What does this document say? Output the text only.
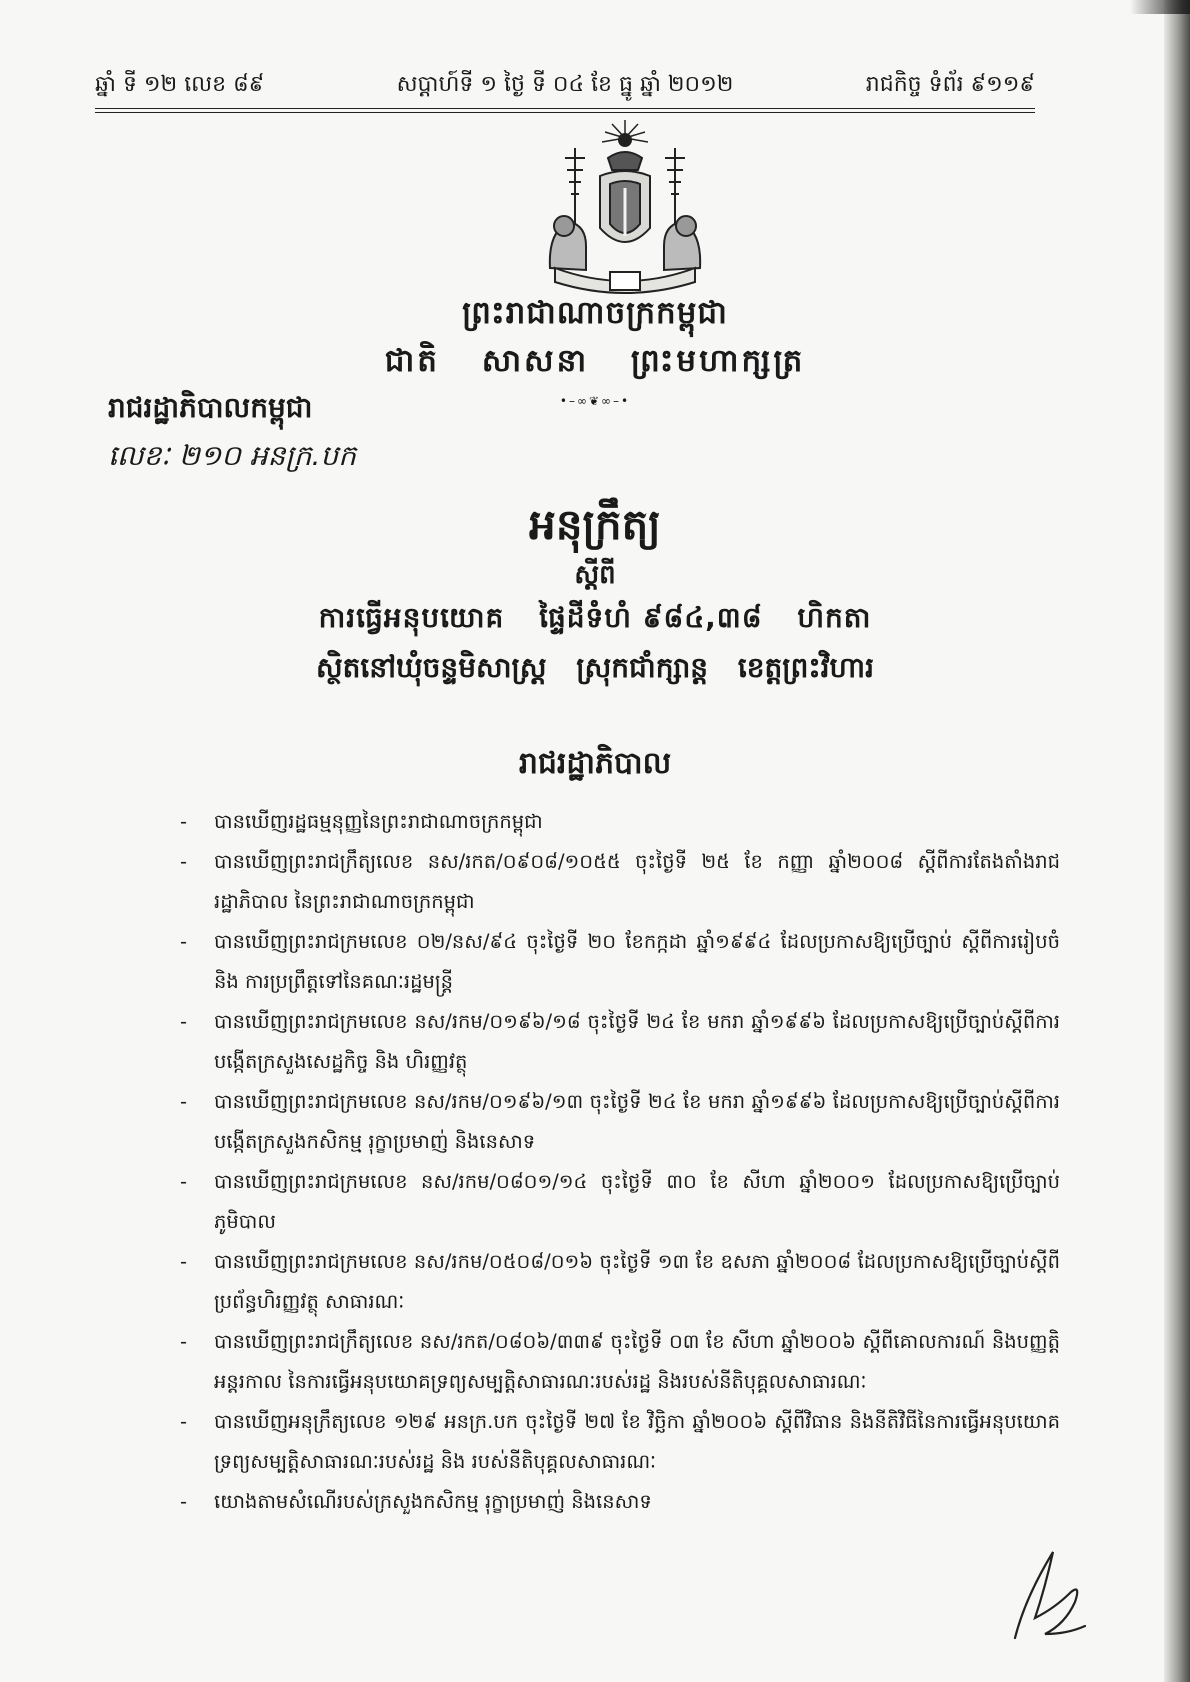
ឆ្នាំ ទី ១២ លេខ ៨៩	សប្តាហ៍ទី ១ ថ្ងៃ ទី ០៤ ខែ ធ្នូ ឆ្នាំ ២០១២	រាជកិច្ច ទំព័រ ៩១១៩
ព្រះរាជាណាចក្រកម្ពុជា
ជាតិ សាសនា ព្រះមហាក្សត្រ
•–∞❦∞–•
រាជរដ្ឋាភិបាលកម្ពុជា
លេខៈ ២១០ អនក្រ.បក
អនុក្រឹត្យ
ស្តីពី
ការធ្វើអនុបយោគ ផ្ទៃដីទំហំ ៩៨៤,៣៨ ហិកតា
ស្ថិតនៅឃុំចន្ទមិសាស្ត្រ ស្រុកជាំក្សាន្ត ខេត្តព្រះវិហារ
រាជរដ្ឋាភិបាល
- បានឃើញរដ្ឋធម្មនុញ្ញនៃព្រះរាជាណាចក្រកម្ពុជា
- បានឃើញព្រះរាជក្រឹត្យលេខ នស/រកត/០៩០៨/១០៥៥ ចុះថ្ងៃទី ២៥ ខែ កញ្ញា ឆ្នាំ២០០៨ ស្តីពីការតែងតាំងរាជរដ្ឋាភិបាល នៃព្រះរាជាណាចក្រកម្ពុជា
- បានឃើញព្រះរាជក្រមលេខ ០២/នស/៩៤ ចុះថ្ងៃទី ២០ ខែកក្កដា ឆ្នាំ១៩៩៤ ដែលប្រកាសឱ្យប្រើច្បាប់ ស្តីពីការរៀបចំ និង ការប្រព្រឹត្តទៅនៃគណៈរដ្ឋមន្ត្រី
- បានឃើញព្រះរាជក្រមលេខ នស/រកម/០១៩៦/១៨ ចុះថ្ងៃទី ២៤ ខែ មករា ឆ្នាំ១៩៩៦ ដែលប្រកាសឱ្យប្រើច្បាប់ស្តីពីការបង្កើតក្រសួងសេដ្ឋកិច្ច និង ហិរញ្ញវត្ថុ
- បានឃើញព្រះរាជក្រមលេខ នស/រកម/០១៩៦/១៣ ចុះថ្ងៃទី ២៤ ខែ មករា ឆ្នាំ១៩៩៦ ដែលប្រកាសឱ្យប្រើច្បាប់ស្តីពីការបង្កើតក្រសួងកសិកម្ម រុក្ខាប្រមាញ់ និងនេសាទ
- បានឃើញព្រះរាជក្រមលេខ នស/រកម/០៨០១/១៤ ចុះថ្ងៃទី ៣០ ខែ សីហា ឆ្នាំ២០០១ ដែលប្រកាសឱ្យប្រើច្បាប់ភូមិបាល
- បានឃើញព្រះរាជក្រមលេខ នស/រកម/០៥០៨/០១៦ ចុះថ្ងៃទី ១៣ ខែ ឧសភា ឆ្នាំ២០០៨ ដែលប្រកាសឱ្យប្រើច្បាប់ស្តីពីប្រព័ន្ធហិរញ្ញវត្ថុ សាធារណៈ
- បានឃើញព្រះរាជក្រឹត្យលេខ នស/រកត/០៨០៦/៣៣៩ ចុះថ្ងៃទី ០៣ ខែ សីហា ឆ្នាំ២០០៦ ស្តីពីគោលការណ៍ និងបញ្ញត្តិអន្តរកាល នៃការធ្វើអនុបយោគទ្រព្យសម្បត្តិសាធារណៈរបស់រដ្ឋ និងរបស់នីតិបុគ្គលសាធារណៈ
- បានឃើញអនុក្រឹត្យលេខ ១២៩ អនក្រ.បក ចុះថ្ងៃទី ២៧ ខែ វិច្ឆិកា ឆ្នាំ២០០៦ ស្តីពីវិធាន និងនីតិវិធីនៃការធ្វើអនុបយោគទ្រព្យសម្បត្តិសាធារណៈរបស់រដ្ឋ និង របស់នីតិបុគ្គលសាធារណៈ
- យោងតាមសំណើរបស់ក្រសួងកសិកម្ម រុក្ខាប្រមាញ់ និងនេសាទ
